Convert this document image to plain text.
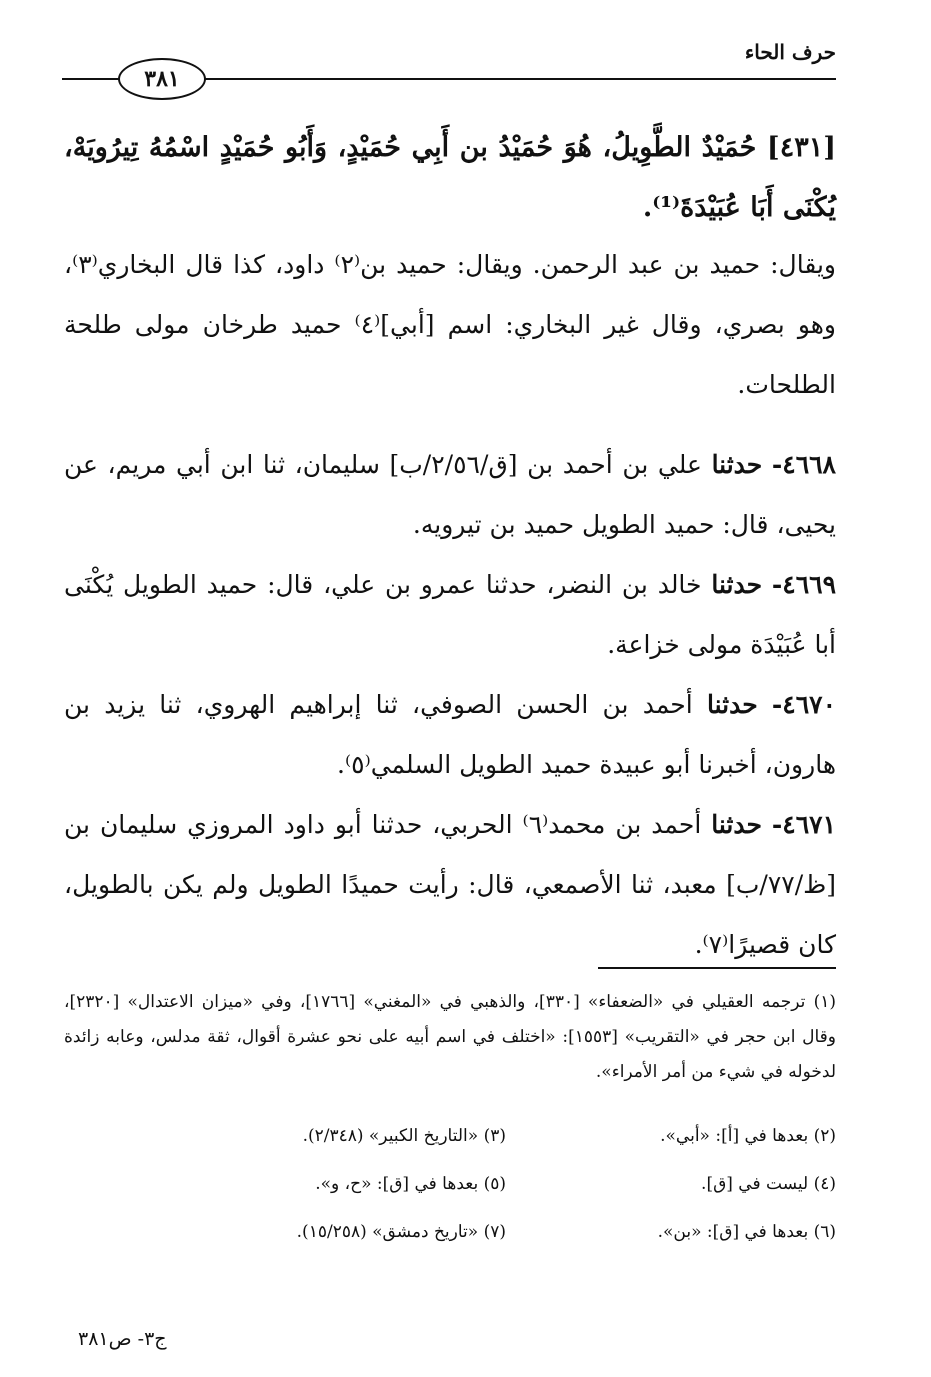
حرف الحاء
٣٨١
[٤٣١] حُمَيْدٌ الطَّوِيلُ، هُوَ حُمَيْدُ بن أَبِي حُمَيْدٍ، وَأَبُو حُمَيْدٍ اسْمُهُ تِيرُويَهْ، يُكْنَى أَبَا عُبَيْدَةَ⁽¹⁾.
ويقال: حميد بن عبد الرحمن. ويقال: حميد بن⁽٢⁾ داود، كذا قال البخاري⁽٣⁾، وهو بصري، وقال غير البخاري: اسم [أبي]⁽٤⁾ حميد طرخان مولى طلحة الطلحات.
٤٦٦٨- حدثنا علي بن أحمد بن [ق/٢/٥٦/ب] سليمان، ثنا ابن أبي مريم، عن يحيى، قال: حميد الطويل حميد بن تيرويه.
٤٦٦٩- حدثنا خالد بن النضر، حدثنا عمرو بن علي، قال: حميد الطويل يُكْنَى أبا عُبَيْدَة مولى خزاعة.
٤٦٧٠- حدثنا أحمد بن الحسن الصوفي، ثنا إبراهيم الهروي، ثنا يزيد بن هارون، أخبرنا أبو عبيدة حميد الطويل السلمي⁽٥⁾.
٤٦٧١- حدثنا أحمد بن محمد⁽٦⁾ الحربي، حدثنا أبو داود المروزي سليمان بن [ظ/٧٧/ب] معبد، ثنا الأصمعي، قال: رأيت حميدًا الطويل ولم يكن بالطويل، كان قصيرًا⁽٧⁾.
(١) ترجمه العقيلي في «الضعفاء» [٣٣٠]، والذهبي في «المغني» [١٧٦٦]، وفي «ميزان الاعتدال» [٢٣٢٠]، وقال ابن حجر في «التقريب» [١٥٥٣]: «اختلف في اسم أبيه على نحو عشرة أقوال، ثقة مدلس، وعابه زائدة لدخوله في شيء من أمر الأمراء».
(٢) بعدها في [أ]: «أبي».
(٣) «التاريخ الكبير» (٢/٣٤٨).
(٤) ليست في [ق].
(٥) بعدها في [ق]: «ح، و».
(٦) بعدها في [ق]: «بن».
(٧) «تاريخ دمشق» (١٥/٢٥٨).
ج٣- ص٣٨١
